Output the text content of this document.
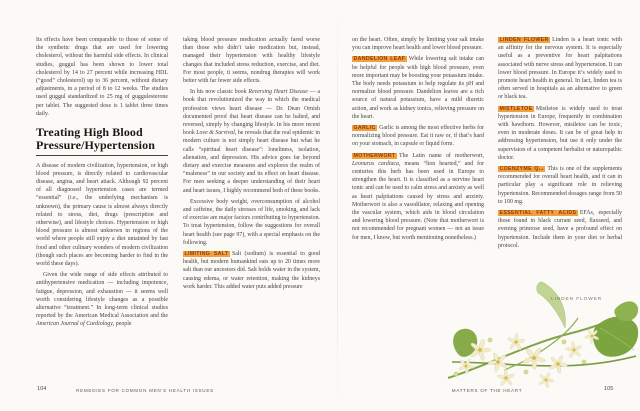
Its effects have been comparable to those of some of the synthetic drugs that are used for lowering cholesterol, without the harmful side effects. In clinical studies, guggul has been shown to lower total cholesterol by 14 to 27 percent while increasing HDL (“good” cholesterol) up to 36 percent, without dietary adjustments, in a period of 8 to 12 weeks. The studies used guggul standardized to 25 mg of guggulesterone per tablet. The suggested dose is 1 tablet three times daily.

Treating High Blood Pressure/Hypertension

A disease of modern civilization, hypertension, or high blood pressure, is directly related to cardiovascular disease, angina, and heart attack. Although 92 percent of all diagnosed hypertension cases are termed “essential” (i.e., the underlying mechanism is unknown), the primary cause is almost always directly related to stress, diet, drugs (prescription and otherwise), and lifestyle choices. Hypertension or high blood pressure is almost unknown in regions of the world where people still enjoy a diet untainted by fast food and other culinary wonders of modern civilization (though such places are becoming harder to find in the world these days).

Given the wide range of side effects attributed to antihypertensive medication — including impotence, fatigue, depression, and exhaustion — it seems well worth considering lifestyle changes as a possible alternative “treatment.” In long-term clinical studies reported by the American Medical Association and the American Journal of Cardiology, people

taking blood pressure medication actually fared worse than those who didn’t take medication but, instead, managed their hypertension with healthy lifestyle changes that included stress reduction, exercise, and diet. For most people, it seems, nondrug therapies will work better with far fewer side effects.

In his now classic book Reversing Heart Disease — a book that revolutionized the way in which the medical profession views heart disease — Dr. Dean Ornish documented proof that heart disease can be halted, and reversed, simply by changing lifestyle. In his more recent book Love & Survival, he reveals that the real epidemic in modern culture is not simply heart disease but what he calls “spiritual heart disease”: loneliness, isolation, alienation, and depression. His advice goes far beyond dietary and exercise measures and explores the realm of “maleness” in our society and its effect on heart disease. For men seeking a deeper understanding of their heart and heart issues, I highly recommend both of these books.

Excessive body weight, overconsumption of alcohol and caffeine, the daily stresses of life, smoking, and lack of exercise are major factors contributing to hypertension. To treat hypertension, follow the suggestions for overall heart health (see page 97), with a special emphasis on the following.

LIMITING SALT Salt (sodium) is essential to good health, but modern humankind eats up to 20 times more salt than our ancestors did. Salt holds water in the system, causing edema, or water retention, making the kidneys work harder. This added water puts added pressure

on the heart. Often, simply by limiting your salt intake you can improve heart health and lower blood pressure.

DANDELION LEAF While lowering salt intake can be helpful for people with high blood pressure, even more important may be boosting your potassium intake. The body needs potassium to help regulate its pH and normalize blood pressure. Dandelion leaves are a rich source of natural potassium, have a mild diuretic action, and work as kidney tonics, relieving pressure on the heart.

GARLIC Garlic is among the most effective herbs for normalizing blood pressure. Eat it raw or, if that’s hard on your stomach, in capsule or liquid form.

MOTHERWORT The Latin name of motherwort, Leonurus cardiaca, means “lion hearted,” and for centuries this herb has been used in Europe to strengthen the heart. It is classified as a nervine heart tonic and can be used to calm stress and anxiety as well as heart palpitations caused by stress and anxiety. Motherwort is also a vasodilator, relaxing and opening the vascular system, which aids in blood circulation and lowering blood pressure. (Note that motherwort is not recommended for pregnant women — not an issue for men, I know, but worth mentioning nonetheless.)

LINDEN FLOWER Linden is a heart tonic with an affinity for the nervous system. It is especially useful as a preventive for heart palpitations associated with nerve stress and hypertension. It can lower blood pressure. In Europe it’s widely used to promote heart health in general. In fact, linden tea is often served in hospitals as an alternative to green or black tea.

MISTLETOE Mistletoe is widely used to treat hypertension in Europe, frequently in combination with hawthorn. However, mistletoe can be toxic, even in moderate doses. It can be of great help in addressing hypertension, but use it only under the supervision of a competent herbalist or naturopathic doctor.

COENZYME Q₁₀ This is one of the supplements recommended for overall heart health, and it can in particular play a significant role in relieving hypertension. Recommended dosages range from 50 to 100 mg.

ESSENTIAL FATTY ACIDS EFAs, especially those found in black currant seed, flaxseed, and evening primrose seed, have a profound effect on hypertension. Include them in your diet or herbal protocol.

LINDEN FLOWER
104	REMEDIES FOR COMMON MEN’S HEALTH ISSUES	MATTERS OF THE HEART	105
